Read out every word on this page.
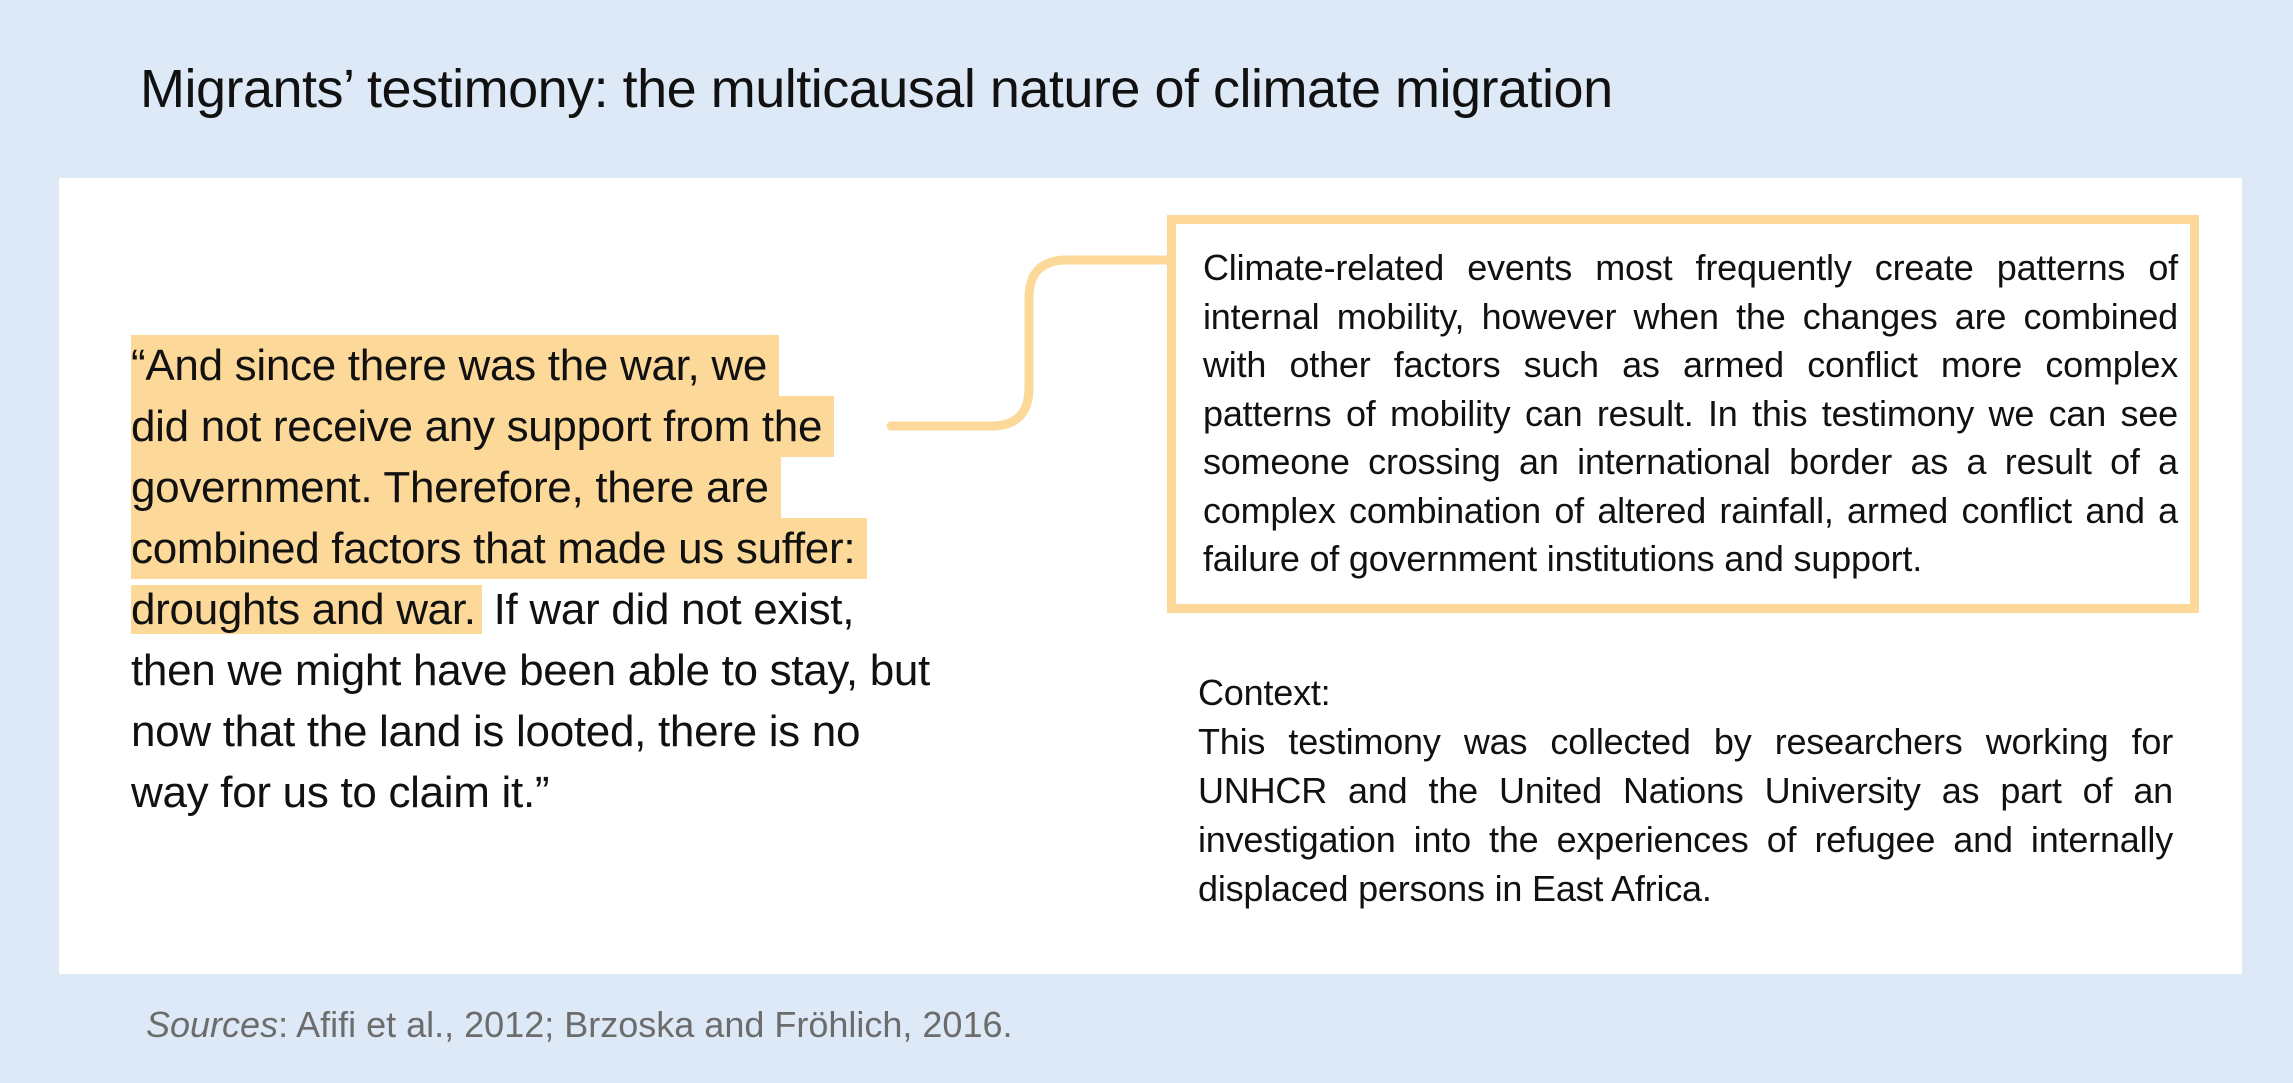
Migrants’ testimony: the multicausal nature of climate migration
“And since there was the war, we
did not receive any support from the
government. Therefore, there are
combined factors that made us suffer:
droughts and war. If war did not exist,
then we might have been able to stay, but
now that the land is looted, there is no
way for us to claim it.”
Climate-related events most frequently create patterns of internal mobility, however when the changes are combined with other factors such as armed conflict more complex patterns of mobility can result. In this testimony we can see someone crossing an international border as a result of a complex combination of altered rainfall, armed conflict and a failure of government institutions and support.
Context:
This testimony was collected by researchers working for UNHCR and the United Nations University as part of an investigation into the experiences of refugee and internally displaced persons in East Africa.
Sources: Afifi et al., 2012; Brzoska and Fröhlich, 2016.
